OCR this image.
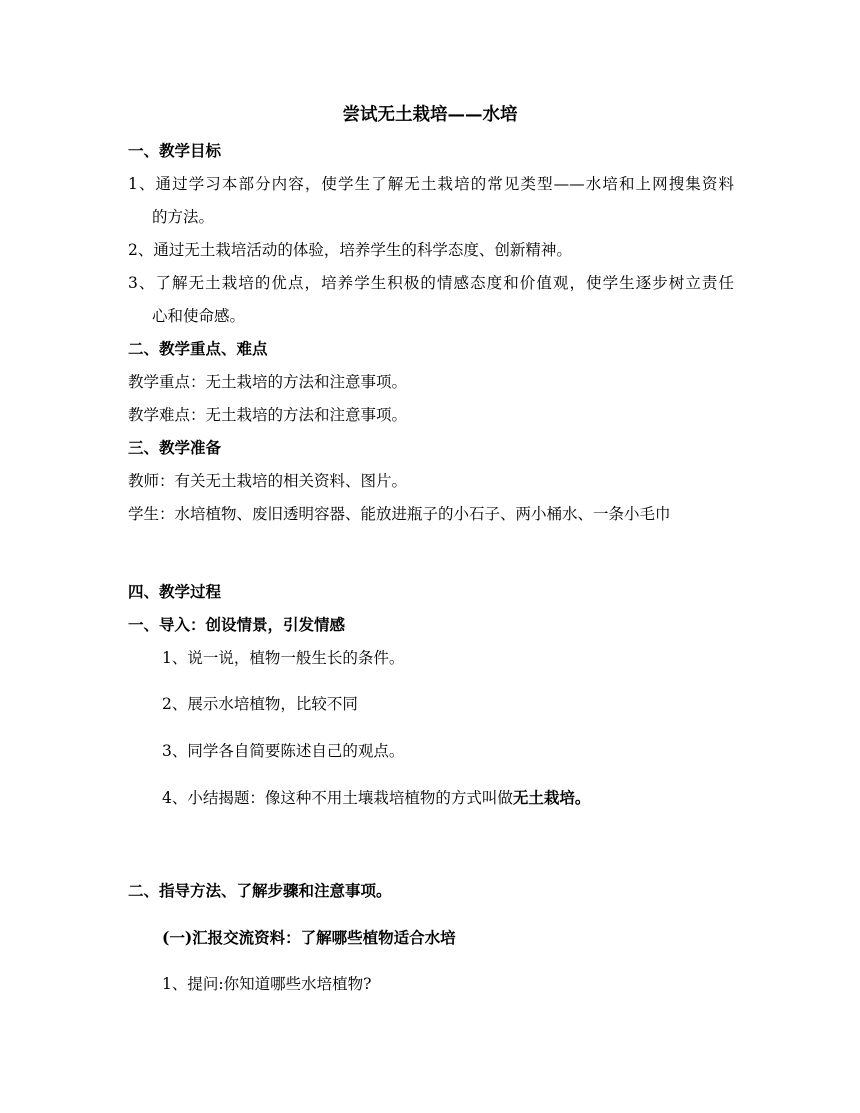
尝试无土栽培——水培
一、教学目标
1、通过学习本部分内容，使学生了解无土栽培的常见类型——水培和上网搜集资料
的方法。
2、通过无土栽培活动的体验，培养学生的科学态度、创新精神。
3、了解无土栽培的优点，培养学生积极的情感态度和价值观，使学生逐步树立责任
心和使命感。
二、教学重点、难点
教学重点：无土栽培的方法和注意事项。
教学难点：无土栽培的方法和注意事项。
三、教学准备
教师：有关无土栽培的相关资料、图片。
学生：水培植物、废旧透明容器、能放进瓶子的小石子、两小桶水、一条小毛巾
四、教学过程
一、导入：创设情景，引发情感
1、说一说，植物一般生长的条件。
2、展示水培植物，比较不同
3、同学各自简要陈述自己的观点。
4、小结揭题：像这种不用土壤栽培植物的方式叫做无土栽培。
二、指导方法、了解步骤和注意事项。
(一)汇报交流资料：了解哪些植物适合水培
1、提问:你知道哪些水培植物?
